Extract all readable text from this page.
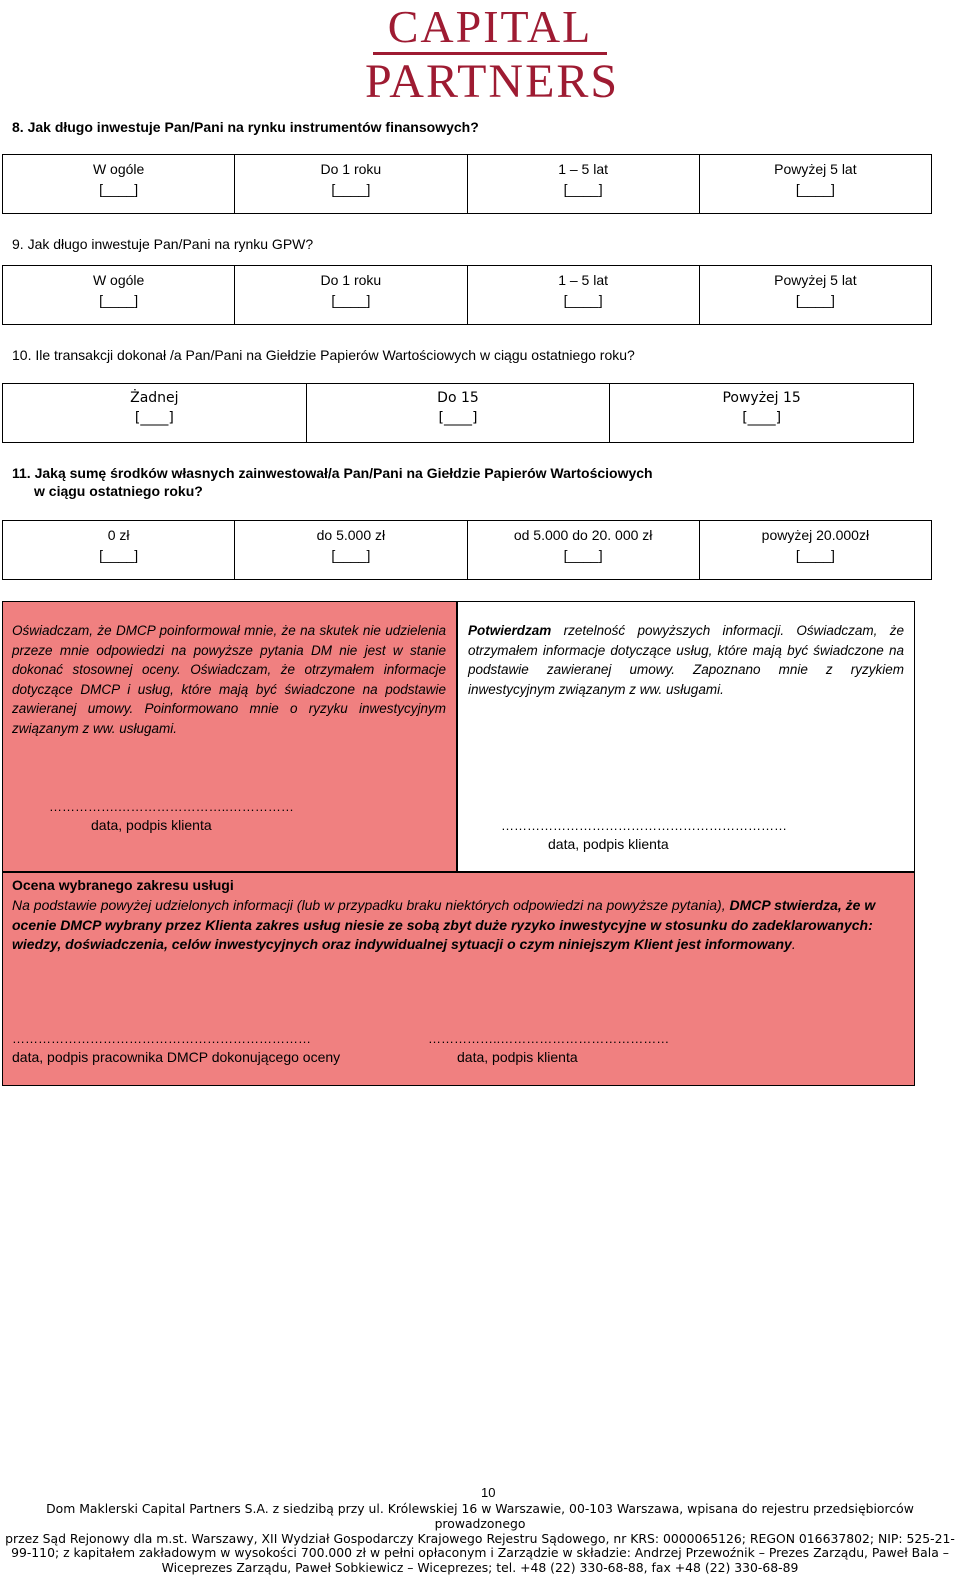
CAPITAL
PARTNERS
8. Jak długo inwestuje Pan/Pani na rynku instrumentów finansowych?
W ogóle
[____]
	Do 1 roku
[____]
	1 – 5 lat
[____]
	Powyżej 5 lat
[____]
9. Jak długo inwestuje Pan/Pani na rynku GPW?
W ogóle
[____]
	Do 1 roku
[____]
	1 – 5 lat
[____]
	Powyżej 5 lat
[____]
10. Ile transakcji dokonał /a Pan/Pani na Giełdzie Papierów Wartościowych w ciągu ostatniego roku?
Żadnej
[____]
	Do 15
[____]
	Powyżej 15
[____]
11. Jaką sumę środków własnych zainwestował/a Pan/Pani na Giełdzie Papierów Wartościowych
w ciągu ostatniego roku?
0 zł
[____]
	do 5.000 zł
[____]
	od 5.000 do 20. 000 zł
[____]
	powyżej 20.000zł
[____]
Oświadczam, że DMCP poinformował mnie, że na skutek nie udzielenia przeze mnie odpowiedzi na powyższe pytania DM nie jest w stanie dokonać stosownej oceny. Oświadczam, że otrzymałem informacje dotyczące DMCP i usług, które mają być świadczone na podstawie zawieranej umowy. Poinformowano mnie o ryzyku inwestycyjnym związanym z ww. usługami.
…………….……………………..……………
data, podpis klienta
Potwierdzam rzetelność powyższych informacji. Oświadczam, że otrzymałem informacje dotyczące usług, które mają być świadczone na podstawie zawieranej umowy. Zapoznano mnie z ryzykiem inwestycyjnym związanym z ww. usługami.
…………………………………………………………
data, podpis klienta
Ocena wybranego zakresu usługi
Na podstawie powyżej udzielonych informacji (lub w przypadku braku niektórych odpowiedzi na powyższe pytania), DMCP stwierdza, że w ocenie DMCP wybrany przez Klienta zakres usług niesie ze sobą zbyt duże ryzyko inwestycyjne w stosunku do zadeklarowanych: wiedzy, doświadczenia, celów inwestycyjnych oraz indywidualnej sytuacji o czym niniejszym Klient jest informowany.
……………………………………………………………	……………..…………………………………
data, podpis pracownika DMCP dokonującego oceny	data, podpis klienta
10
Dom Maklerski Capital Partners S.A. z siedzibą przy ul. Królewskiej 16 w Warszawie, 00-103 Warszawa, wpisana do rejestru przedsiębiorców prowadzonego
przez Sąd Rejonowy dla m.st. Warszawy, XII Wydział Gospodarczy Krajowego Rejestru Sądowego, nr KRS: 0000065126; REGON 016637802; NIP: 525-21-
99-110; z kapitałem zakładowym w wysokości 700.000 zł w pełni opłaconym i Zarządzie w składzie: Andrzej Przewoźnik – Prezes Zarządu, Paweł Bala –
Wiceprezes Zarządu, Paweł Sobkiewicz – Wiceprezes; tel. +48 (22) 330-68-88, fax +48 (22) 330-68-89
